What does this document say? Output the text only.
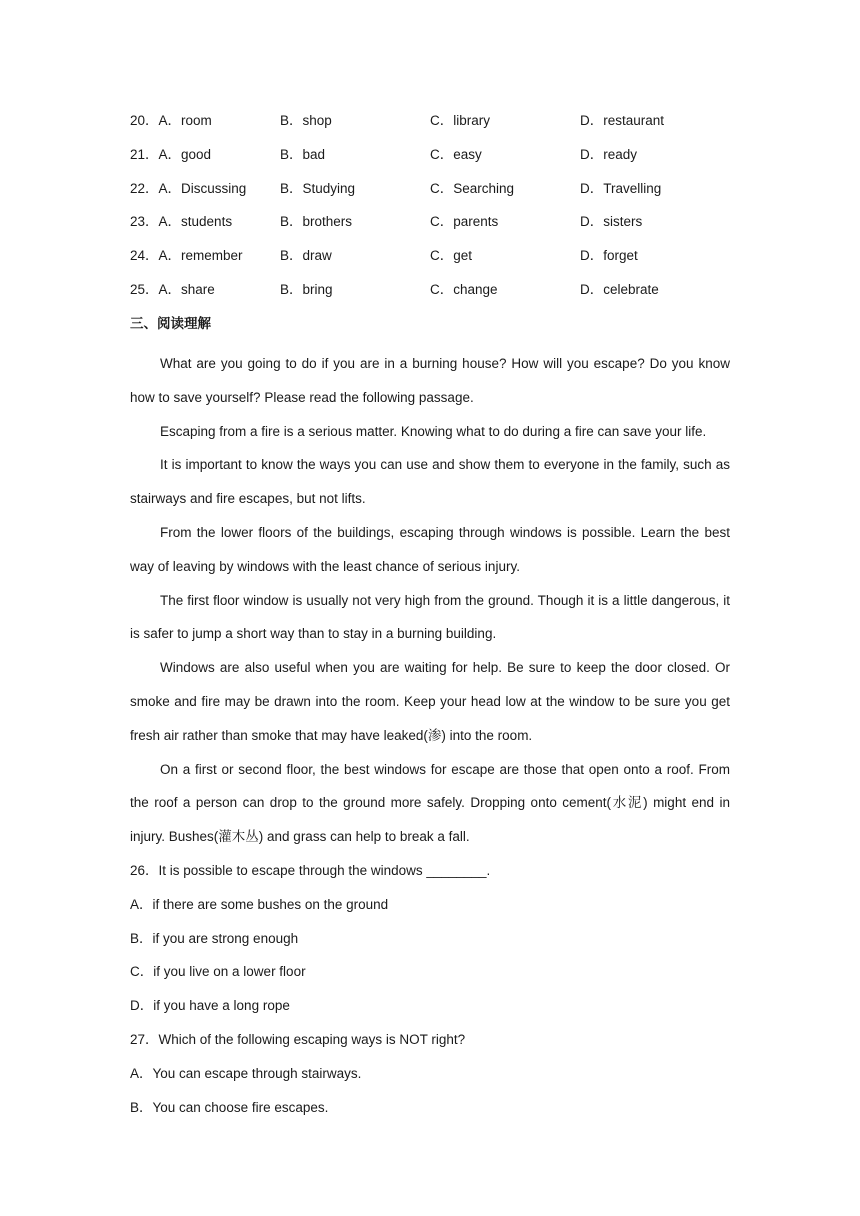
20．A．room	B．shop	C．library	D．restaurant
21．A．good	B．bad	C．easy	D．ready
22．A．Discussing B．Studying	C．Searching	D．Travelling
23．A．students	B．brothers	C．parents	D．sisters
24．A．remember	B．draw	C．get	D．forget
25．A．share	B．bring	C．change	D．celebrate
三、阅读理解

What are you going to do if you are in a burning house? How will you escape? Do you know how to save yourself? Please read the following passage.

Escaping from a fire is a serious matter. Knowing what to do during a fire can save your life.

It is important to know the ways you can use and show them to everyone in the family, such as stairways and fire escapes, but not lifts.

From the lower floors of the buildings, escaping through windows is possible. Learn the best way of leaving by windows with the least chance of serious injury.

The first floor window is usually not very high from the ground. Though it is a little dangerous, it is safer to jump a short way than to stay in a burning building.

Windows are also useful when you are waiting for help. Be sure to keep the door closed. Or smoke and fire may be drawn into the room. Keep your head low at the window to be sure you get fresh air rather than smoke that may have leaked(渗) into the room.

On a first or second floor, the best windows for escape are those that open onto a roof. From the roof a person can drop to the ground more safely. Dropping onto cement(水泥) might end in injury. Bushes(灌木丛) and grass can help to break a fall.

26．It is possible to escape through the windows ________.
A．if there are some bushes on the ground
B．if you are strong enough
C．if you live on a lower floor
D．if you have a long rope
27．Which of the following escaping ways is NOT right?
A．You can escape through stairways.
B．You can choose fire escapes.
